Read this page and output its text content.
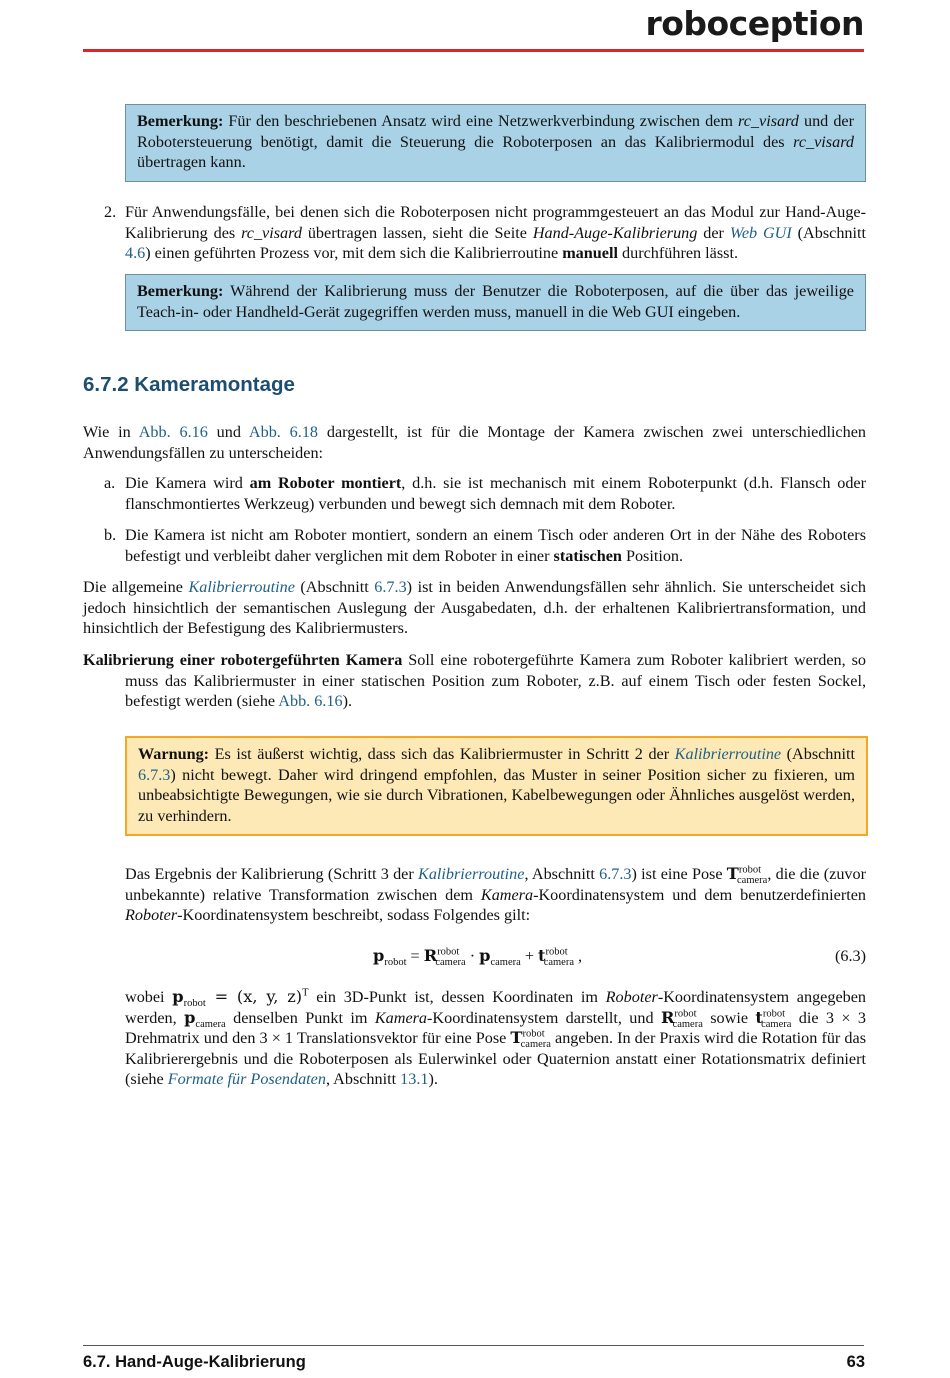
roboception
Bemerkung: Für den beschriebenen Ansatz wird eine Netzwerkverbindung zwischen dem rc_visard und der Robotersteuerung benötigt, damit die Steuerung die Roboterposen an das Kalibriermodul des rc_visard übertragen kann.
2. Für Anwendungsfälle, bei denen sich die Roboterposen nicht programmgesteuert an das Modul zur Hand-Auge-Kalibrierung des rc_visard übertragen lassen, sieht die Seite Hand-Auge-Kalibrierung der Web GUI (Abschnitt 4.6) einen geführten Prozess vor, mit dem sich die Kalibrierroutine manuell durchführen lässt.

Bemerkung: Während der Kalibrierung muss der Benutzer die Roboterposen, auf die über das jeweilige Teach-in- oder Handheld-Gerät zugegriffen werden muss, manuell in die Web GUI eingeben.
6.7.2 Kameramontage

Wie in Abb. 6.16 und Abb. 6.18 dargestellt, ist für die Montage der Kamera zwischen zwei unterschiedlichen Anwendungsfällen zu unterscheiden:

a. Die Kamera wird am Roboter montiert, d.h. sie ist mechanisch mit einem Roboterpunkt (d.h. Flansch oder flanschmontiertes Werkzeug) verbunden und bewegt sich demnach mit dem Roboter.

b. Die Kamera ist nicht am Roboter montiert, sondern an einem Tisch oder anderen Ort in der Nähe des Roboters befestigt und verbleibt daher verglichen mit dem Roboter in einer statischen Position.

Die allgemeine Kalibrierroutine (Abschnitt 6.7.3) ist in beiden Anwendungsfällen sehr ähnlich. Sie unterscheidet sich jedoch hinsichtlich der semantischen Auslegung der Ausgabedaten, d.h. der erhaltenen Kalibriertransformation, und hinsichtlich der Befestigung des Kalibriermusters.

Kalibrierung einer robotergeführten Kamera Soll eine robotergeführte Kamera zum Roboter kalibriert werden, so muss das Kalibriermuster in einer statischen Position zum Roboter, z.B. auf einem Tisch oder festen Sockel, befestigt werden (siehe Abb. 6.16).

Warnung: Es ist äußerst wichtig, dass sich das Kalibriermuster in Schritt 2 der Kalibrierroutine (Abschnitt 6.7.3) nicht bewegt. Daher wird dringend empfohlen, das Muster in seiner Position sicher zu fixieren, um unbeabsichtigte Bewegungen, wie sie durch Vibrationen, Kabelbewegungen oder Ähnliches ausgelöst werden, zu verhindern.

Das Ergebnis der Kalibrierung (Schritt 3 der Kalibrierroutine, Abschnitt 6.7.3) ist eine Pose $T^{robot}_{camera}$, die die (zuvor unbekannte) relative Transformation zwischen dem Kamera-Koordinatensystem und dem benutzerdefinierten Roboter-Koordinatensystem beschreibt, sodass Folgendes gilt:

$p_{robot} = R^{robot}_{camera} \cdot p_{camera} + t^{robot}_{camera}$ ,	(6.3)

wobei $p_{robot} = (x$, y, z)$^T$ ein 3D-Punkt ist, dessen Koordinaten im Roboter-Koordinatensystem angegeben werden, $p_{camera}$ denselben Punkt im Kamera-Koordinatensystem darstellt, und $R^{robot}_{camera}$ sowie $t^{robot}_{camera}$ die 3 × 3 Drehmatrix und den 3 × 1 Translationsvektor für eine Pose $T^{robot}_{camera}$ angeben. In der Praxis wird die Rotation für das Kalibrierergebnis und die Roboterposen als Eulerwinkel oder Quaternion anstatt einer Rotationsmatrix definiert (siehe Formate für Posendaten, Abschnitt 13.1).

6.7. Hand-Auge-Kalibrierung	63
